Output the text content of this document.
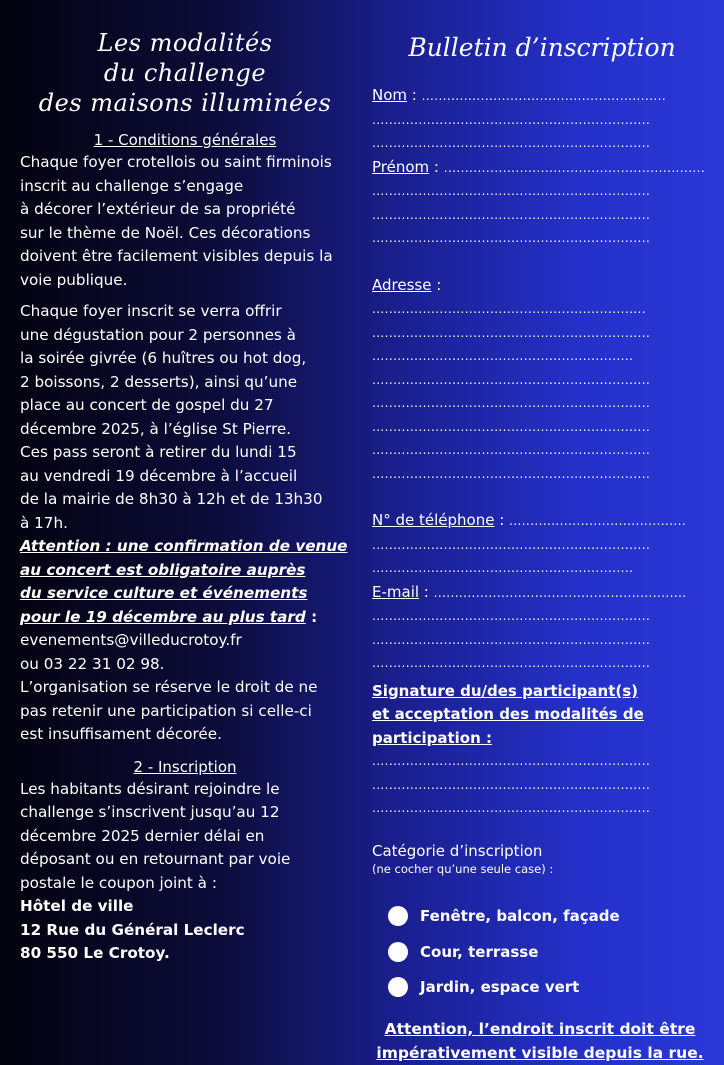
Les modalités
du challenge
des maisons illuminées
1 - Conditions générales

Chaque foyer crotellois ou saint firminois

inscrit au challenge s’engage

à décorer l’extérieur de sa propriété

sur le thème de Noël. Ces décorations

doivent être facilement visibles depuis la

voie publique.

Chaque foyer inscrit se verra offrir

une dégustation pour 2 personnes à

la soirée givrée (6 huîtres ou hot dog,

2 boissons, 2 desserts), ainsi qu’une

place au concert de gospel du 27

décembre 2025, à l’église St Pierre.

Ces pass seront à retirer du lundi 15

au vendredi 19 décembre à l’accueil

de la mairie de 8h30 à 12h et de 13h30

à 17h.

Attention : une confirmation de venue

au concert est obligatoire auprès

du service culture et événements

pour le 19 décembre au plus tard :

evenements@villeducrotoy.fr

ou 03 22 31 02 98.

L’organisation se réserve le droit de ne

pas retenir une participation si celle-ci

est insuffisament décorée.

2 - Inscription

Les habitants désirant rejoindre le

challenge s’inscrivent jusqu’au 12

décembre 2025 dernier délai en

déposant ou en retournant par voie

postale le coupon joint à :

Hôtel de ville

12 Rue du Général Leclerc

80 550 Le Crotoy.

Bulletin d’inscription
Nom : ..........................................................
..................................................................
..................................................................
Prénom : ..............................................................
..................................................................
..................................................................
..................................................................
Adresse : .................................................................
..................................................................
..............................................................
..................................................................
..................................................................
..................................................................
..................................................................
..................................................................
N° de téléphone : ..........................................
..................................................................
..............................................................
E-mail : ............................................................
..................................................................
..................................................................
..................................................................
Signature du/des participant(s)
et acceptation des modalités de
participation :
..................................................................
..................................................................
..................................................................
Catégorie d’inscription
(ne cocher qu’une seule case) :
Fenêtre, balcon, façade
Cour, terrasse
Jardin, espace vert
Attention, l’endroit inscrit doit être
impérativement visible depuis la rue.
